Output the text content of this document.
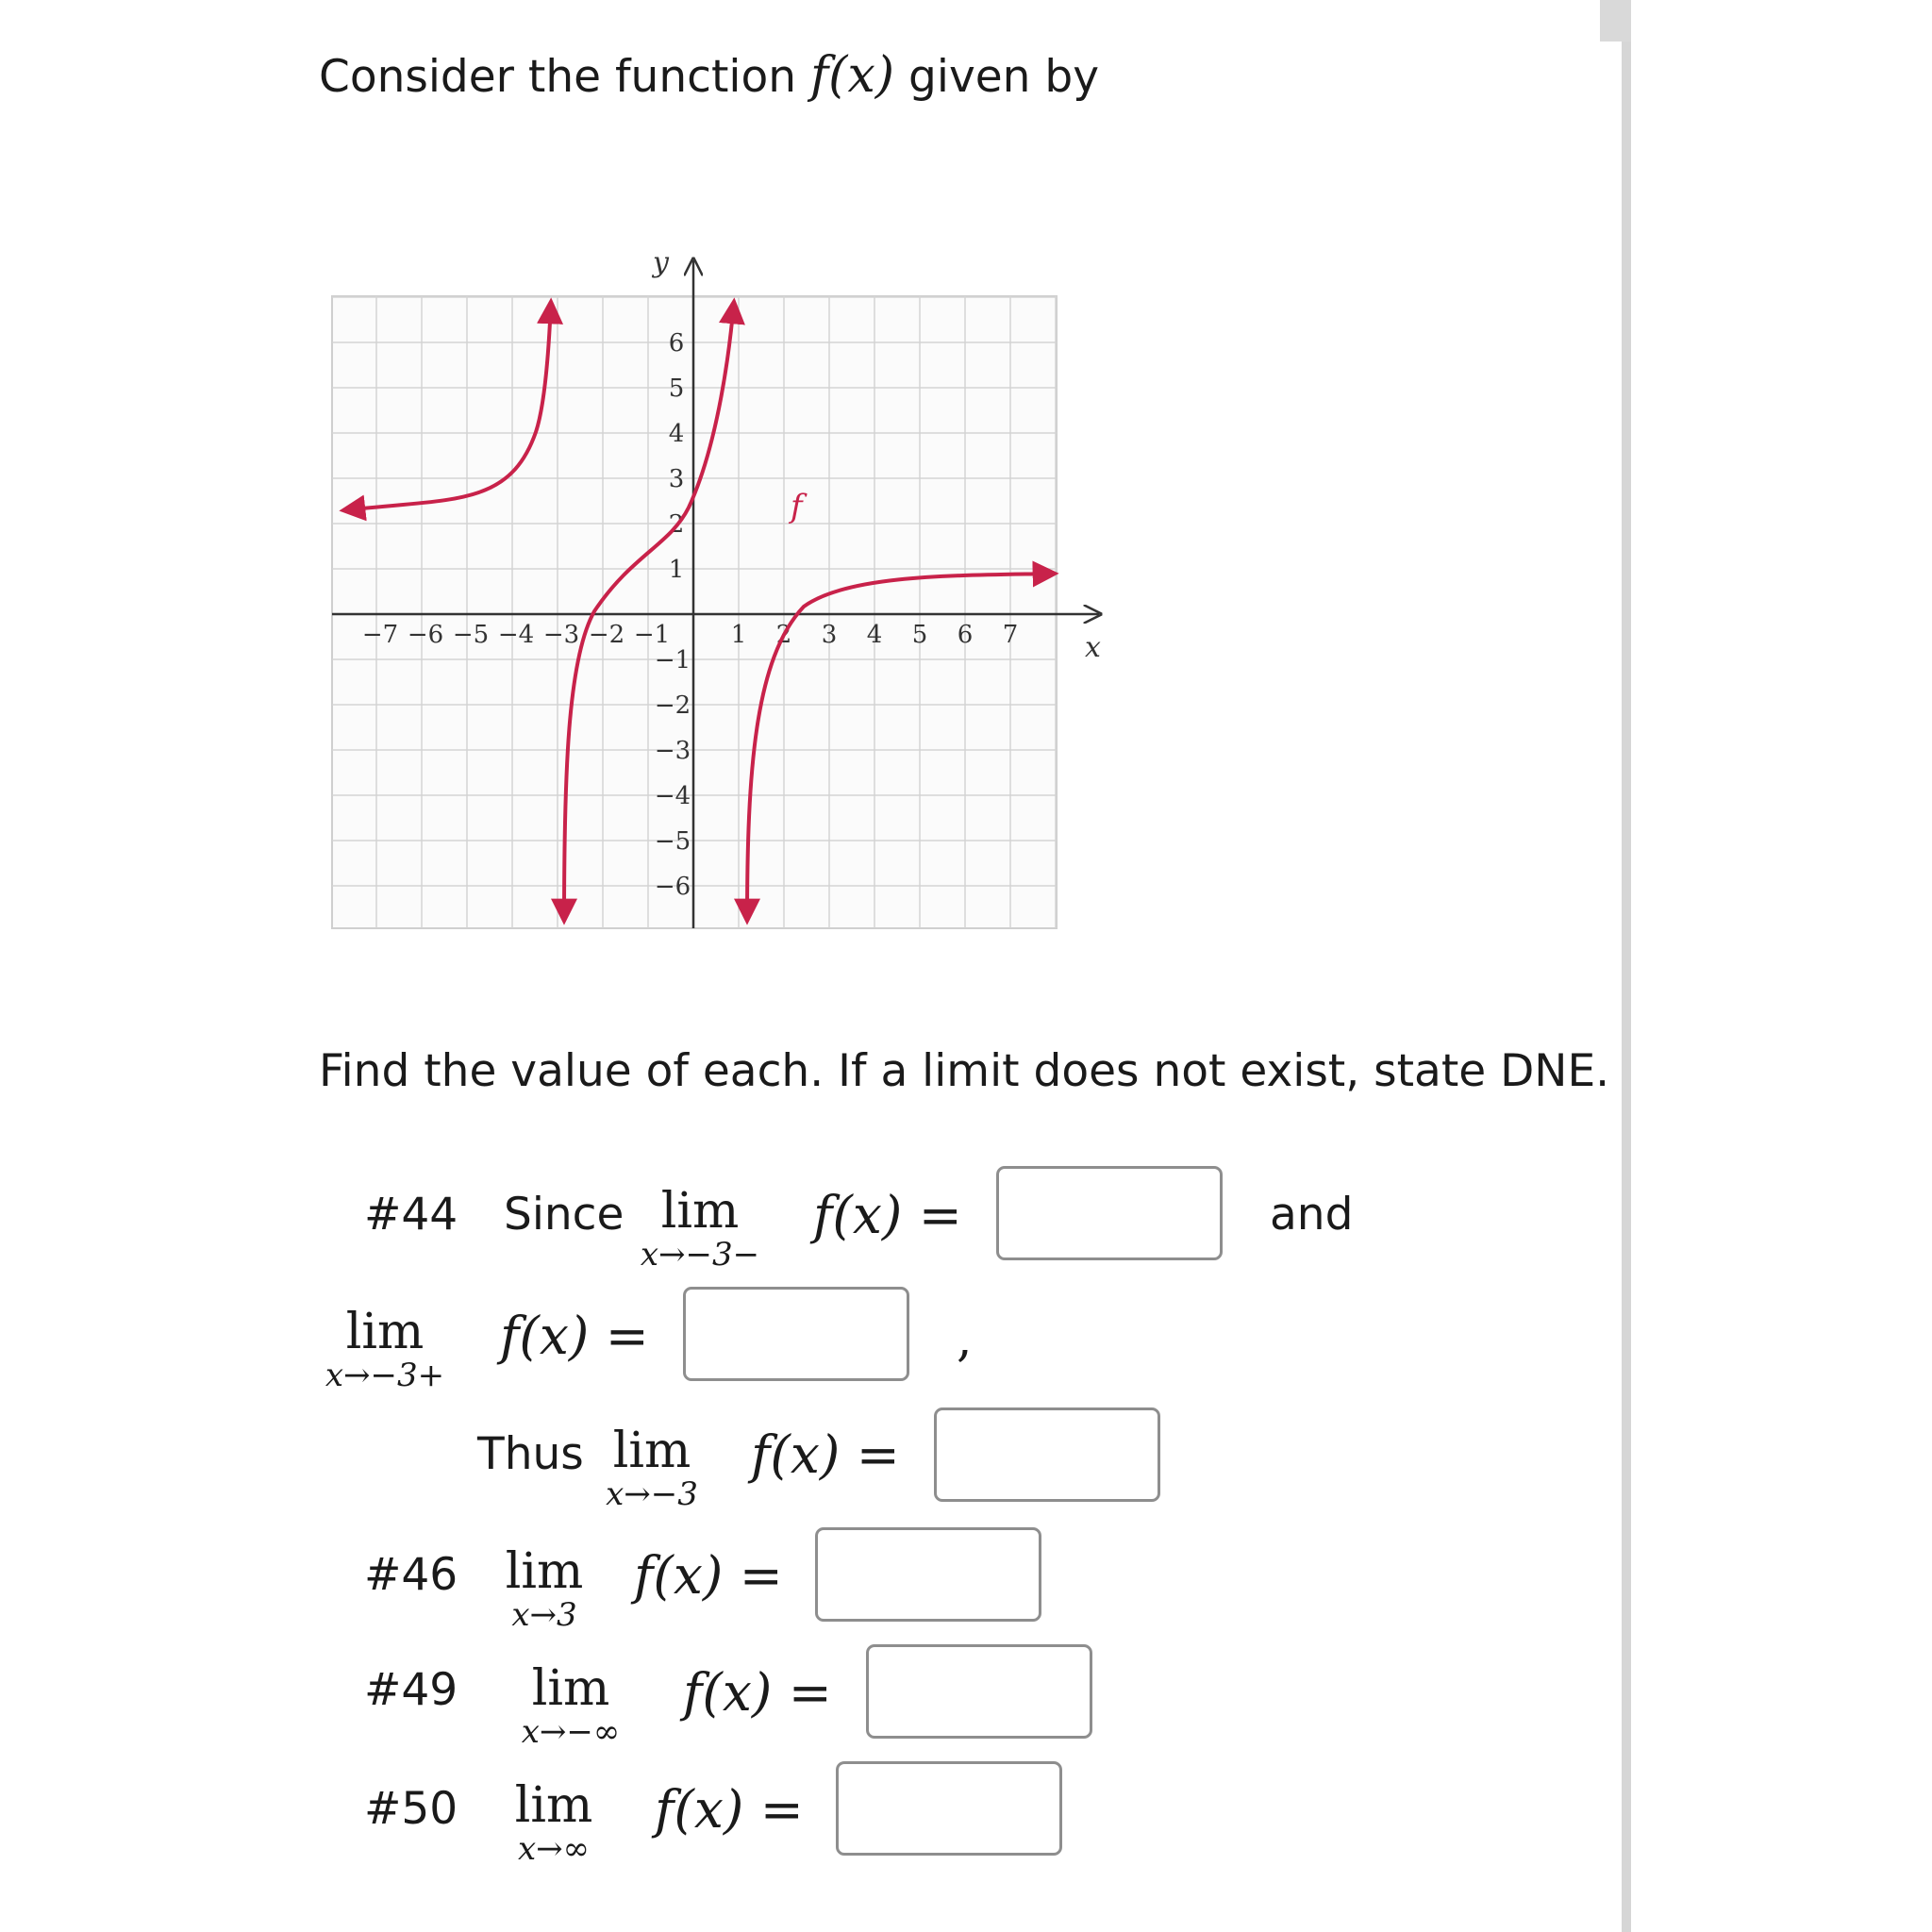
Consider the function f(x) given by
x
y
−7 −6 −5 −4 −3 −2 −1 1 2 3 4 5 6 7
6
5
4
3
2
1
−1
−2
−3
−4
−5
−6
f
Find the value of each. If a limit does not exist, state DNE.
#44 Since lim
x→−3−
f(x) =	and
lim
x→−3+
f(x) =	,
Thus lim
x→−3
f(x) =
#46 lim
x→3
f(x) =
#49	lim
x→−∞
f(x) =
#50 lim
x→∞
f(x) =
